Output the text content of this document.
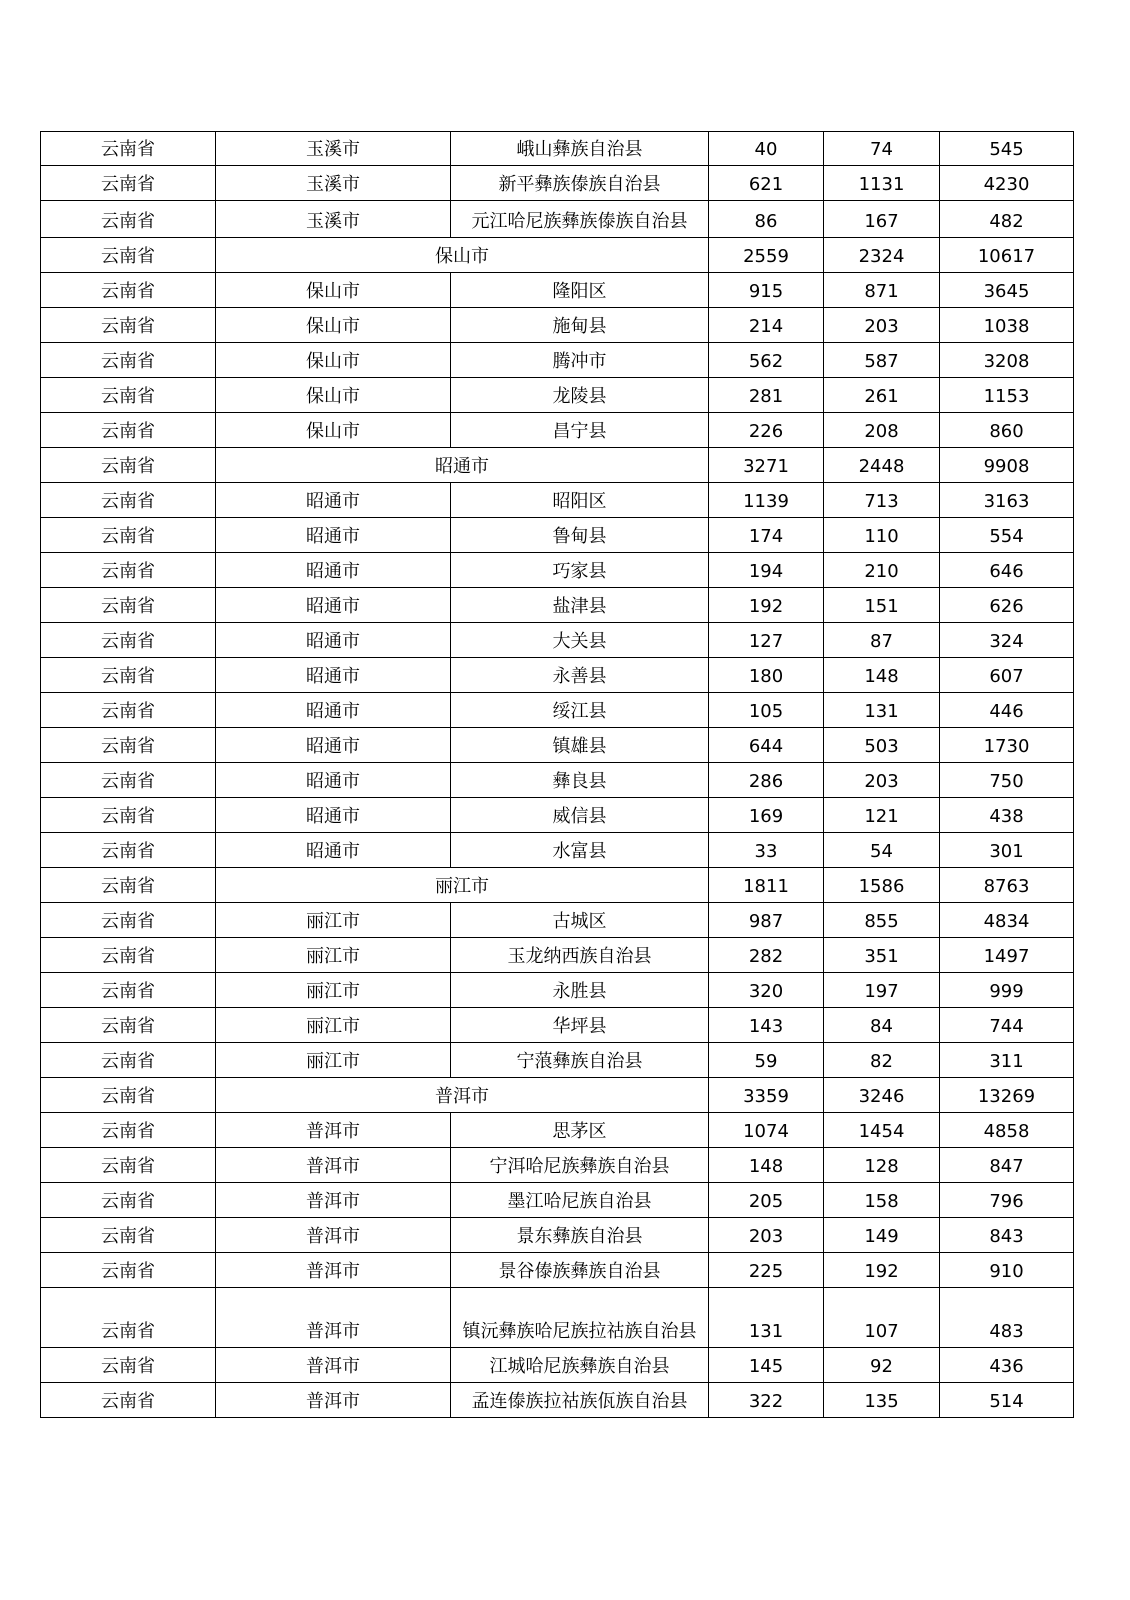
云南省	玉溪市	峨山彝族自治县	40	74	545
云南省	玉溪市	新平彝族傣族自治县	621	1131	4230
云南省	玉溪市	元江哈尼族彝族傣族自治县	86	167	482
云南省	保山市		2559	2324	10617
云南省	保山市	隆阳区	915	871	3645
云南省	保山市	施甸县	214	203	1038
云南省	保山市	腾冲市	562	587	3208
云南省	保山市	龙陵县	281	261	1153
云南省	保山市	昌宁县	226	208	860
云南省	昭通市		3271	2448	9908
云南省	昭通市	昭阳区	1139	713	3163
云南省	昭通市	鲁甸县	174	110	554
云南省	昭通市	巧家县	194	210	646
云南省	昭通市	盐津县	192	151	626
云南省	昭通市	大关县	127	87	324
云南省	昭通市	永善县	180	148	607
云南省	昭通市	绥江县	105	131	446
云南省	昭通市	镇雄县	644	503	1730
云南省	昭通市	彝良县	286	203	750
云南省	昭通市	威信县	169	121	438
云南省	昭通市	水富县	33	54	301
云南省	丽江市		1811	1586	8763
云南省	丽江市	古城区	987	855	4834
云南省	丽江市	玉龙纳西族自治县	282	351	1497
云南省	丽江市	永胜县	320	197	999
云南省	丽江市	华坪县	143	84	744
云南省	丽江市	宁蒗彝族自治县	59	82	311
云南省	普洱市		3359	3246	13269
云南省	普洱市	思茅区	1074	1454	4858
云南省	普洱市	宁洱哈尼族彝族自治县	148	128	847
云南省	普洱市	墨江哈尼族自治县	205	158	796
云南省	普洱市	景东彝族自治县	203	149	843
云南省	普洱市	景谷傣族彝族自治县	225	192	910
云南省	普洱市	镇沅彝族哈尼族拉祜族自治县	131	107	483
云南省	普洱市	江城哈尼族彝族自治县	145	92	436
云南省	普洱市	孟连傣族拉祜族佤族自治县	322	135	514
